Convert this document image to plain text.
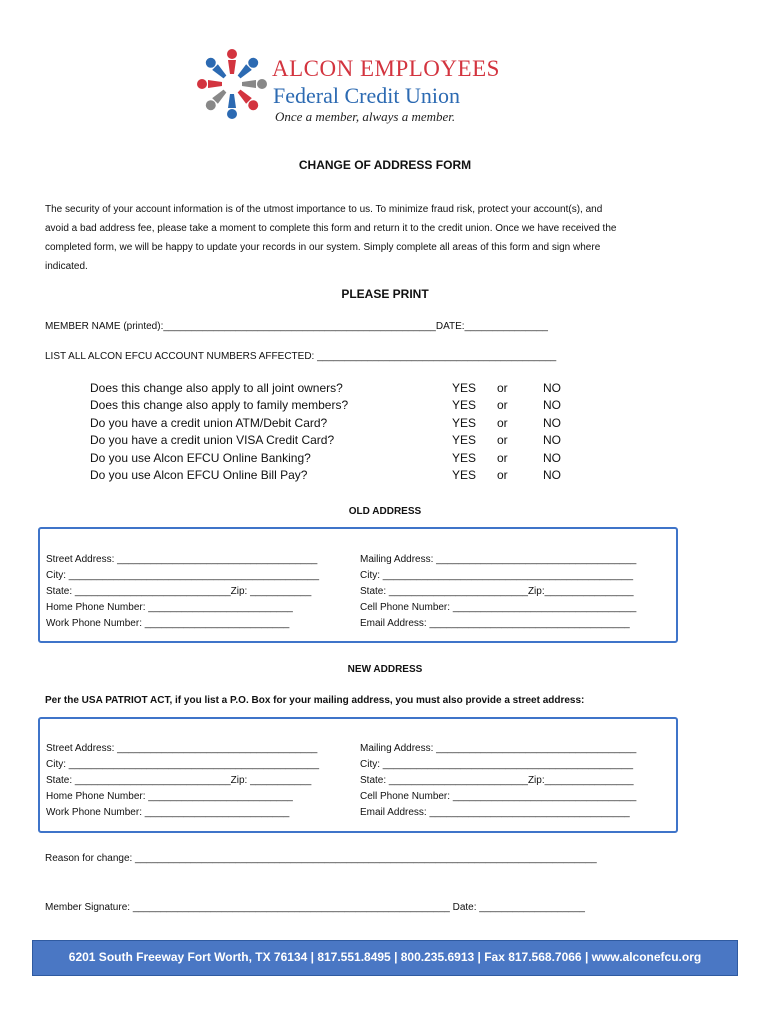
ALCON EMPLOYEES
Federal Credit Union
Once a member, always a member.
CHANGE OF ADDRESS FORM
The security of your account information is of the utmost importance to us. To minimize fraud risk, protect your account(s), and
avoid a bad address fee, please take a moment to complete this form and return it to the credit union. Once we have received the
completed form, we will be happy to update your records in our system. Simply complete all areas of this form and sign where
indicated.
PLEASE PRINT
MEMBER NAME (printed):_________________________________________________DATE:_______________
LIST ALL ALCON EFCU ACCOUNT NUMBERS AFFECTED: ___________________________________________
Does this change also apply to all joint owners?	YES or	NO
Does this change also apply to family members?	YES or	NO
Do you have a credit union ATM/Debit Card?	YES or	NO
Do you have a credit union VISA Credit Card?	YES or	NO
Do you use Alcon EFCU Online Banking?	YES or	NO
Do you use Alcon EFCU Online Bill Pay?	YES or	NO
OLD ADDRESS
Street Address: ____________________________________
City: _____________________________________________
State: ____________________________Zip: ___________
Home Phone Number: __________________________
Work Phone Number: __________________________
Mailing Address: ____________________________________
City: _____________________________________________
State: _________________________Zip:________________
Cell Phone Number: _________________________________
Email Address: ____________________________________
NEW ADDRESS
Per the USA PATRIOT ACT, if you list a P.O. Box for your mailing address, you must also provide a street address:
Street Address: ____________________________________
City: _____________________________________________
State: ____________________________Zip: ___________
Home Phone Number: __________________________
Work Phone Number: __________________________
Mailing Address: ____________________________________
City: _____________________________________________
State: _________________________Zip:________________
Cell Phone Number: _________________________________
Email Address: ____________________________________
Reason for change: ___________________________________________________________________________________
Member Signature: _________________________________________________________ Date: ___________________
6201 South Freeway Fort Worth, TX 76134 | 817.551.8495 | 800.235.6913 | Fax 817.568.7066 | www.alconefcu.org
